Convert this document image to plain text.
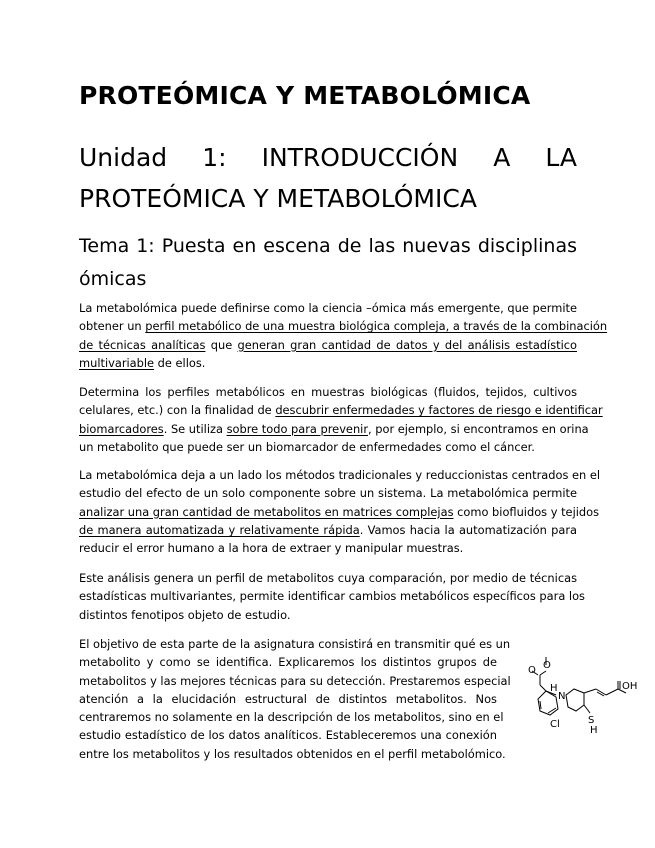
PROTEÓMICA Y METABOLÓMICA
Unidad 1: INTRODUCCIÓN A LA
PROTEÓMICA Y METABOLÓMICA
Tema 1: Puesta en escena de las nuevas disciplinas
ómicas

La metabolómica puede definirse como la ciencia –ómica más emergente, que permite
obtener un perfil metabólico de una muestra biológica compleja, a través de la combinación
de técnicas analíticas que generan gran cantidad de datos y del análisis estadístico
multivariable de ellos.

Determina los perfiles metabólicos en muestras biológicas (fluidos, tejidos, cultivos
celulares, etc.) con la finalidad de descubrir enfermedades y factores de riesgo e identificar
biomarcadores. Se utiliza sobre todo para prevenir, por ejemplo, si encontramos en orina
un metabolito que puede ser un biomarcador de enfermedades como el cáncer.

La metabolómica deja a un lado los métodos tradicionales y reduccionistas centrados en el
estudio del efecto de un solo componente sobre un sistema. La metabolómica permite
analizar una gran cantidad de metabolitos en matrices complejas como biofluidos y tejidos
de manera automatizada y relativamente rápida. Vamos hacia la automatización para
reducir el error humano a la hora de extraer y manipular muestras.

Este análisis genera un perfil de metabolitos cuya comparación, por medio de técnicas
estadísticas multivariantes, permite identificar cambios metabólicos específicos para los
distintos fenotipos objeto de estudio.

El objetivo de esta parte de la asignatura consistirá en transmitir qué es un
metabolito y como se identifica. Explicaremos los distintos grupos de
metabolitos y las mejores técnicas para su detección. Prestaremos especial
atención a la elucidación estructural de distintos metabolitos. Nos
centraremos no solamente en la descripción de los metabolitos, sino en el
estudio estadístico de los datos analíticos. Estableceremos una conexión
entre los metabolitos y los resultados obtenidos en el perfil metabolómico.

O
O
OH
H
N
Cl	S
H
